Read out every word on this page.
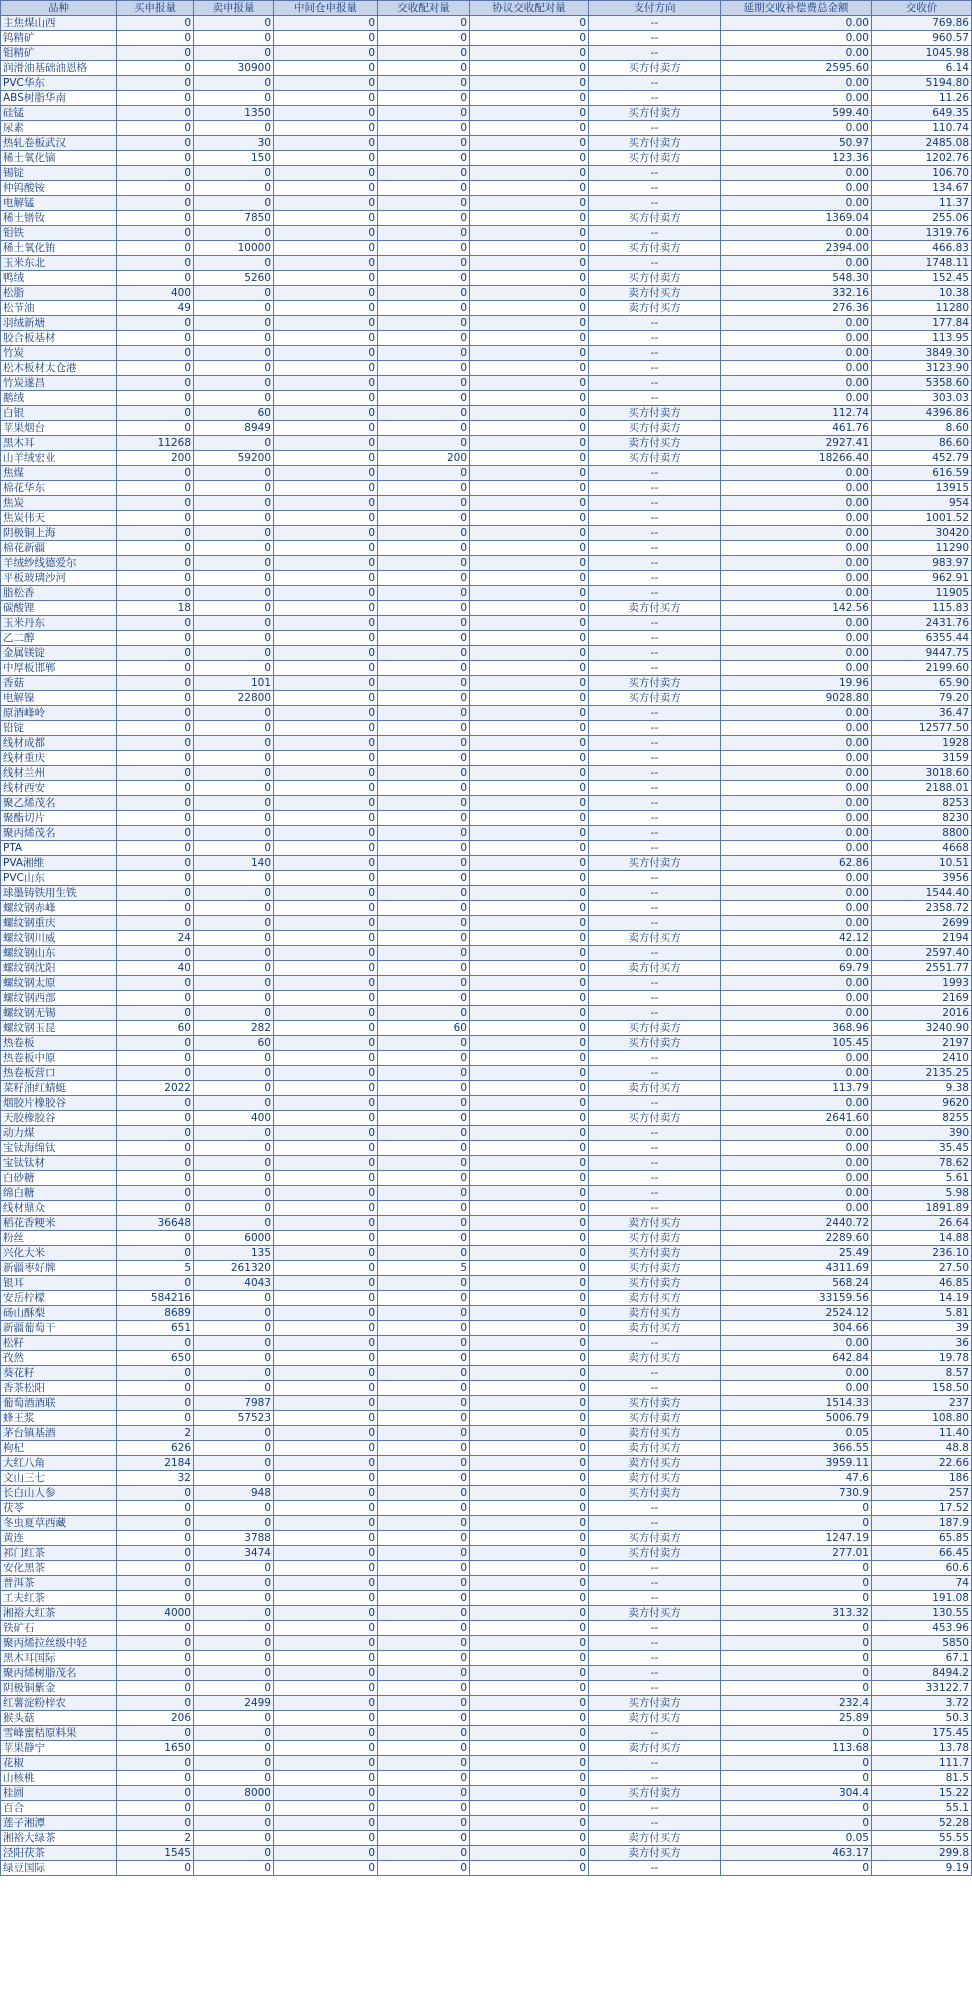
品种	买申报量	卖申报量	中间仓申报量	交收配对量	协议交收配对量	支付方向	延期交收补偿费总金额	交收价
主焦煤山西	0	0	0	0	0	--	0.00	769.86
钨精矿	0	0	0	0	0	--	0.00	960.57
钼精矿	0	0	0	0	0	--	0.00	1045.98
润滑油基础油恩格	0	30900	0	0	0	买方付卖方	2595.60	6.14
PVC华东	0	0	0	0	0	--	0.00	5194.80
ABS树脂华南	0	0	0	0	0	--	0.00	11.26
硅锰	0	1350	0	0	0	买方付卖方	599.40	649.35
尿素	0	0	0	0	0	--	0.00	110.74
热轧卷板武汉	0	30	0	0	0	买方付卖方	50.97	2485.08
稀土氧化镝	0	150	0	0	0	买方付卖方	123.36	1202.76
锡锭	0	0	0	0	0	--	0.00	106.70
仲钨酸铵	0	0	0	0	0	--	0.00	134.67
电解锰	0	0	0	0	0	--	0.00	11.37
稀土镨钕	0	7850	0	0	0	买方付卖方	1369.04	255.06
钼铁	0	0	0	0	0	--	0.00	1319.76
稀土氧化铕	0	10000	0	0	0	买方付卖方	2394.00	466.83
玉米东北	0	0	0	0	0	--	0.00	1748.11
鸭绒	0	5260	0	0	0	买方付卖方	548.30	152.45
松脂	400	0	0	0	0	卖方付买方	332.16	10.38
松节油	49	0	0	0	0	卖方付买方	276.36	11280
羽绒新塘	0	0	0	0	0	--	0.00	177.84
胶合板基材	0	0	0	0	0	--	0.00	113.95
竹炭	0	0	0	0	0	--	0.00	3849.30
松木板材太仓港	0	0	0	0	0	--	0.00	3123.90
竹炭遂昌	0	0	0	0	0	--	0.00	5358.60
鹅绒	0	0	0	0	0	--	0.00	303.03
白银	0	60	0	0	0	买方付卖方	112.74	4396.86
苹果烟台	0	8949	0	0	0	买方付卖方	461.76	8.60
黑木耳	11268	0	0	0	0	卖方付买方	2927.41	86.60
山羊绒宏业	200	59200	0	200	0	买方付卖方	18266.40	452.79
焦煤	0	0	0	0	0	--	0.00	616.59
棉花华东	0	0	0	0	0	--	0.00	13915
焦炭	0	0	0	0	0	--	0.00	954
焦炭伟天	0	0	0	0	0	--	0.00	1001.52
阴极铜上海	0	0	0	0	0	--	0.00	30420
棉花新疆	0	0	0	0	0	--	0.00	11290
羊绒纱线德爱尔	0	0	0	0	0	--	0.00	983.97
平板玻璃沙河	0	0	0	0	0	--	0.00	962.91
脂松香	0	0	0	0	0	--	0.00	11905
碳酸锂	18	0	0	0	0	卖方付买方	142.56	115.83
玉米丹东	0	0	0	0	0	--	0.00	2431.76
乙二醇	0	0	0	0	0	--	0.00	6355.44
金属镁锭	0	0	0	0	0	--	0.00	9447.75
中厚板邯郸	0	0	0	0	0	--	0.00	2199.60
香菇	0	101	0	0	0	买方付卖方	19.96	65.90
电解镍	0	22800	0	0	0	买方付卖方	9028.80	79.20
原酒峰岭	0	0	0	0	0	--	0.00	36.47
铅锭	0	0	0	0	0	--	0.00	12577.50
线材成都	0	0	0	0	0	--	0.00	1928
线材重庆	0	0	0	0	0	--	0.00	3159
线材兰州	0	0	0	0	0	--	0.00	3018.60
线材西安	0	0	0	0	0	--	0.00	2188.01
聚乙烯茂名	0	0	0	0	0	--	0.00	8253
聚酯切片	0	0	0	0	0	--	0.00	8230
聚丙烯茂名	0	0	0	0	0	--	0.00	8800
PTA	0	0	0	0	0	--	0.00	4668
PVA湘维	0	140	0	0	0	买方付卖方	62.86	10.51
PVC山东	0	0	0	0	0	--	0.00	3956
球墨铸铁用生铁	0	0	0	0	0	--	0.00	1544.40
螺纹钢赤峰	0	0	0	0	0	--	0.00	2358.72
螺纹钢重庆	0	0	0	0	0	--	0.00	2699
螺纹钢川威	24	0	0	0	0	卖方付买方	42.12	2194
螺纹钢山东	0	0	0	0	0	--	0.00	2597.40
螺纹钢沈阳	40	0	0	0	0	卖方付买方	69.79	2551.77
螺纹钢太原	0	0	0	0	0	--	0.00	1993
螺纹钢西部	0	0	0	0	0	--	0.00	2169
螺纹钢无锡	0	0	0	0	0	--	0.00	2016
螺纹钢玉昆	60	282	0	60	0	买方付卖方	368.96	3240.90
热卷板	0	60	0	0	0	买方付卖方	105.45	2197
热卷板中原	0	0	0	0	0	--	0.00	2410
热卷板营口	0	0	0	0	0	--	0.00	2135.25
菜籽油红蜻蜓	2022	0	0	0	0	卖方付买方	113.79	9.38
烟胶片橡胶谷	0	0	0	0	0	--	0.00	9620
天胶橡胶谷	0	400	0	0	0	买方付卖方	2641.60	8255
动力煤	0	0	0	0	0	--	0.00	390
宝钛海绵钛	0	0	0	0	0	--	0.00	35.45
宝钛钛材	0	0	0	0	0	--	0.00	78.62
白砂糖	0	0	0	0	0	--	0.00	5.61
绵白糖	0	0	0	0	0	--	0.00	5.98
线材鼎众	0	0	0	0	0	--	0.00	1891.89
稻花香粳米	36648	0	0	0	0	卖方付买方	2440.72	26.64
粉丝	0	6000	0	0	0	买方付卖方	2289.60	14.88
兴化大米	0	135	0	0	0	买方付卖方	25.49	236.10
新疆枣好牌	5	261320	0	5	0	买方付卖方	4311.69	27.50
银耳	0	4043	0	0	0	买方付卖方	568.24	46.85
安岳柠檬	584216	0	0	0	0	卖方付买方	33159.56	14.19
砀山酥梨	8689	0	0	0	0	卖方付买方	2524.12	5.81
新疆葡萄干	651	0	0	0	0	卖方付买方	304.66	39
松籽	0	0	0	0	0	--	0.00	36
孜然	650	0	0	0	0	卖方付买方	642.84	19.78
葵花籽	0	0	0	0	0	--	0.00	8.57
香茶松阳	0	0	0	0	0	--	0.00	158.50
葡萄酒酒联	0	7987	0	0	0	买方付卖方	1514.33	237
蜂王浆	0	57523	0	0	0	买方付卖方	5006.79	108.80
茅台镇基酒	2	0	0	0	0	卖方付买方	0.05	11.40
枸杞	626	0	0	0	0	卖方付买方	366.55	48.8
大红八角	2184	0	0	0	0	卖方付买方	3959.11	22.66
文山三七	32	0	0	0	0	卖方付买方	47.6	186
长白山人参	0	948	0	0	0	买方付卖方	730.9	257
茯苓	0	0	0	0	0	--	0	17.52
冬虫夏草西藏	0	0	0	0	0	--	0	187.9
黄连	0	3788	0	0	0	买方付卖方	1247.19	65.85
祁门红茶	0	3474	0	0	0	买方付卖方	277.01	66.45
安化黑茶	0	0	0	0	0	--	0	60.6
普洱茶	0	0	0	0	0	--	0	74
工夫红茶	0	0	0	0	0	--	0	191.08
湘裕大红茶	4000	0	0	0	0	卖方付买方	313.32	130.55
铁矿石	0	0	0	0	0	--	0	453.96
聚丙烯拉丝级中轻	0	0	0	0	0	--	0	5850
黑木耳国际	0	0	0	0	0	--	0	67.1
聚丙烯树脂茂名	0	0	0	0	0	--	0	8494.2
阴极铜紫金	0	0	0	0	0	--	0	33122.7
红薯淀粉梓农	0	2499	0	0	0	买方付卖方	232.4	3.72
猴头菇	206	0	0	0	0	卖方付买方	25.89	50.3
雪峰蜜桔原料果	0	0	0	0	0	--	0	175.45
苹果静宁	1650	0	0	0	0	卖方付买方	113.68	13.78
花椒	0	0	0	0	0	--	0	111.7
山核桃	0	0	0	0	0	--	0	81.5
桂圆	0	8000	0	0	0	买方付卖方	304.4	15.22
百合	0	0	0	0	0	--	0	55.1
莲子湘潭	0	0	0	0	0	--	0	52.28
湘裕大绿茶	2	0	0	0	0	卖方付买方	0.05	55.55
泾阳茯茶	1545	0	0	0	0	卖方付买方	463.17	299.8
绿豆国际	0	0	0	0	0	--	0	9.19
